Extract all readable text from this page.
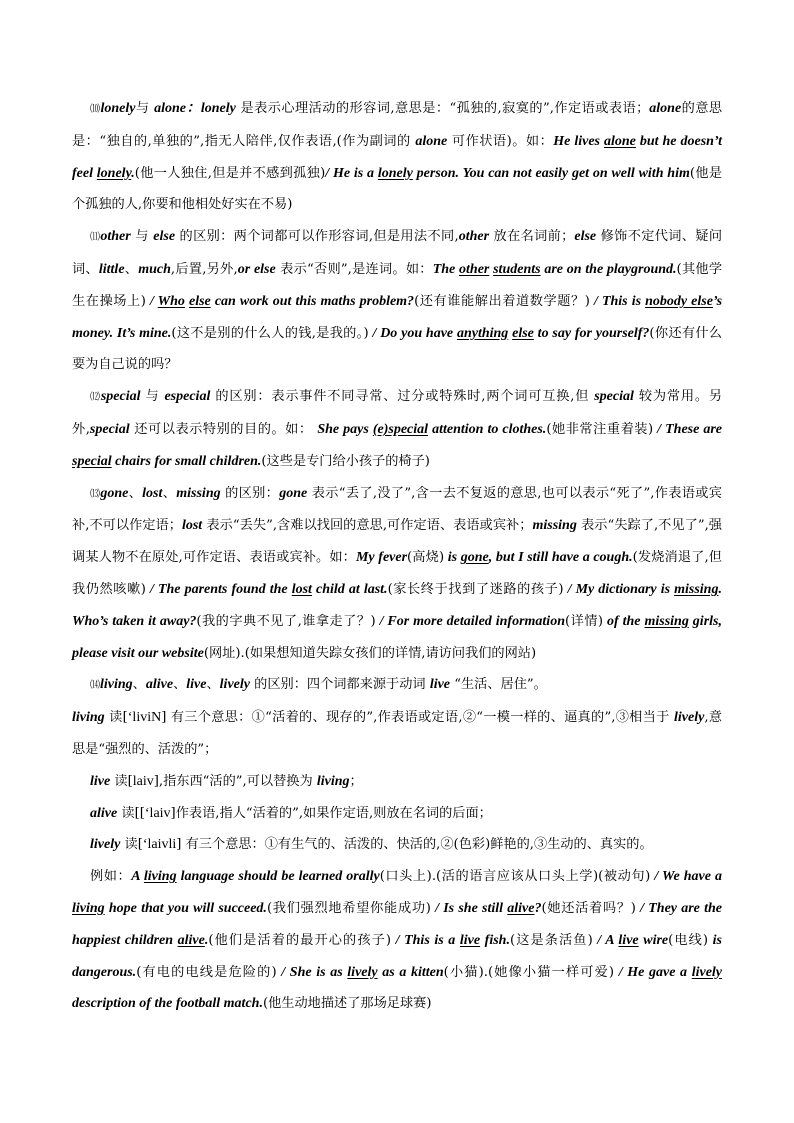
⑽lonely与 alone：lonely 是表示心理活动的形容词,意思是：“孤独的,寂寞的”,作定语或表语；alone的意思是：“独自的,单独的”,指无人陪伴,仅作表语,(作为副词的 alone 可作状语)。如：He lives alone but he doesn’t feel lonely.(他一人独住,但是并不感到孤独)/ He is a lonely person. You can not easily get on well with him(他是个孤独的人,你要和他相处好实在不易)

⑾other 与 else 的区别：两个词都可以作形容词,但是用法不同,other 放在名词前；else 修饰不定代词、疑问词、little、much,后置,另外,or else 表示“否则”,是连词。如：The other students are on the playground.(其他学生在操场上) / Who else can work out this maths problem?(还有谁能解出着道数学题？) / This is nobody else’s money. It’s mine.(这不是别的什么人的钱,是我的。) / Do you have anything else to say for yourself?(你还有什么要为自己说的吗？

⑿special 与 especial 的区别：表示事件不同寻常、过分或特殊时,两个词可互换,但 special 较为常用。另外,special 还可以表示特别的目的。如： She pays (e)special attention to clothes.(她非常注重着装) / These are special chairs for small children.(这些是专门给小孩子的椅子)

⒀gone、lost、missing 的区别：gone 表示“丢了,没了”,含一去不复返的意思,也可以表示“死了”,作表语或宾补,不可以作定语；lost 表示“丢失”,含难以找回的意思,可作定语、表语或宾补；missing 表示“失踪了,不见了”,强调某人物不在原处,可作定语、表语或宾补。如：My fever(高烧) is gone, but I still have a cough.(发烧消退了,但我仍然咳嗽) / The parents found the lost child at last.(家长终于找到了迷路的孩子) / My dictionary is missing. Who’s taken it away?(我的字典不见了,谁拿走了？) / For more detailed information(详情) of the missing girls, please visit our website(网址).(如果想知道失踪女孩们的详情,请访问我们的网站)

⒁living、alive、live、lively 的区别：四个词都来源于动词 live “生活、居住”。

living 读[‘liviN] 有三个意思：①“活着的、现存的”,作表语或定语,②“一模一样的、逼真的”,③相当于 lively,意思是“强烈的、活泼的”；

live 读[laiv],指东西“活的”,可以替换为 living；

alive 读[[‘laiv]作表语,指人“活着的”,如果作定语,则放在名词的后面；

lively 读[‘laivli] 有三个意思：①有生气的、活泼的、快活的,②(色彩)鲜艳的,③生动的、真实的。

例如：A living language should be learned orally(口头上).(活的语言应该从口头上学)(被动句) / We have a living hope that you will succeed.(我们强烈地希望你能成功) / Is she still alive?(她还活着吗？) / They are the happiest children alive.(他们是活着的最开心的孩子) / This is a live fish.(这是条活鱼) / A live wire(电线) is dangerous.(有电的电线是危险的) / She is as lively as a kitten(小猫).(她像小猫一样可爱) / He gave a lively description of the football match.(他生动地描述了那场足球赛)
